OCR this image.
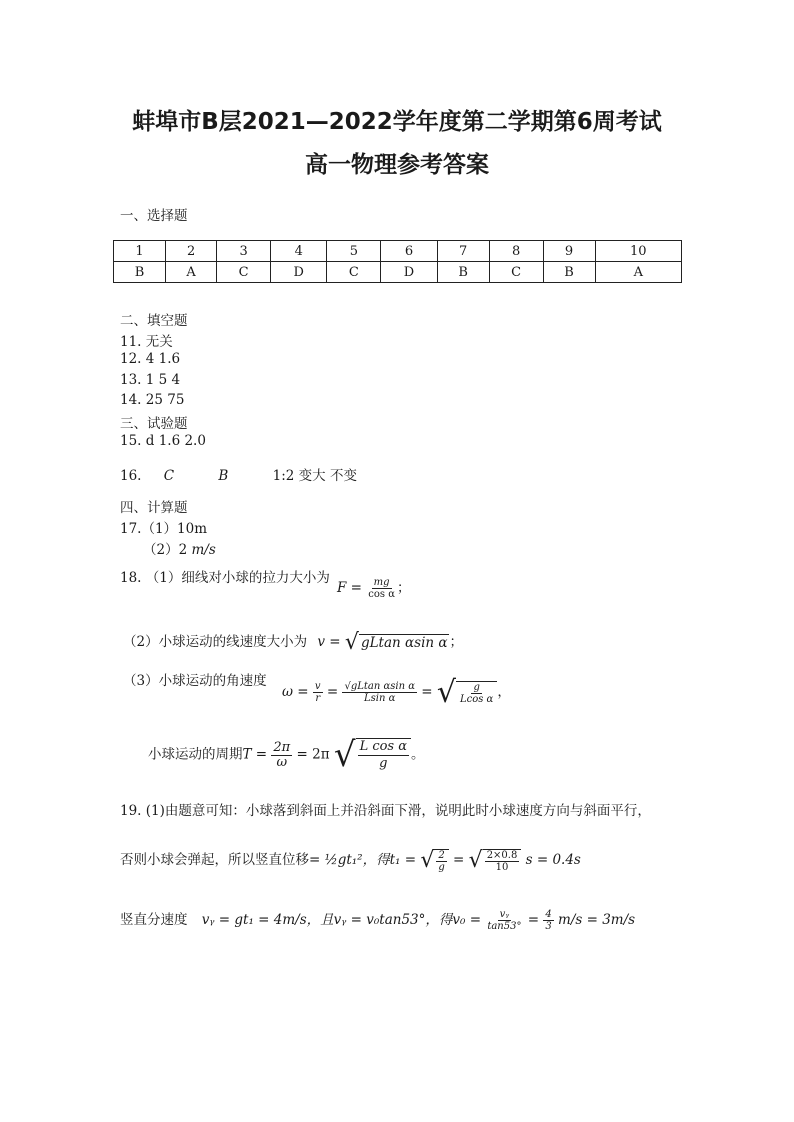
蚌埠市B层2021—2022学年度第二学期第6周考试
高一物理参考答案
一、选择题
1	2	3	4	5	6	7	8	9	10
B	A	C	D	C	D	B	C	B	A
二、填空题
11. 无关
12. 4 1.6
13. 1 5 4
14. 25 75
三、试验题
15. d 1.6 2.0
16. C	B	1:2 变大 不变
四、计算题
17.（1）10m
（2）2 m/s
18. （1）细线对小球的拉力大小为
$F = \frac{mg}{\text{cos α}}$ ；
（2）小球运动的线速度大小为 v = √ gLtan αsin α ；
（3）小球运动的角速度
$\omega = \frac{v}{r} = \frac{\text{√gLtan αsin α}}{\text{Lsin α}}$ = √ $\frac{g}{\text{Lcos α}}$ ，
小球运动的周期$T = \frac{2\pi}{\omega} = 2\pi$ √ $\frac{\text{L cos α}}{g}$ 。
19. (1)由题意可知：小球落到斜面上并沿斜面下滑，说明此时小球速度方向与斜面平行，
否则小球会弹起，所以竖直位移= ½gt₁²，得t₁ = √ $\frac{2}{g}$ = √ $\frac{2\times 0.8}{10}$ s = 0.4s
竖直分速度 vᵧ = gt₁ = 4m/s，且vᵧ = v₀tan53°，得$v_0 = \frac{\text{vᵧ}}{\tan 53^\circ} = \frac{4}{3} m/s = 3m/s$
